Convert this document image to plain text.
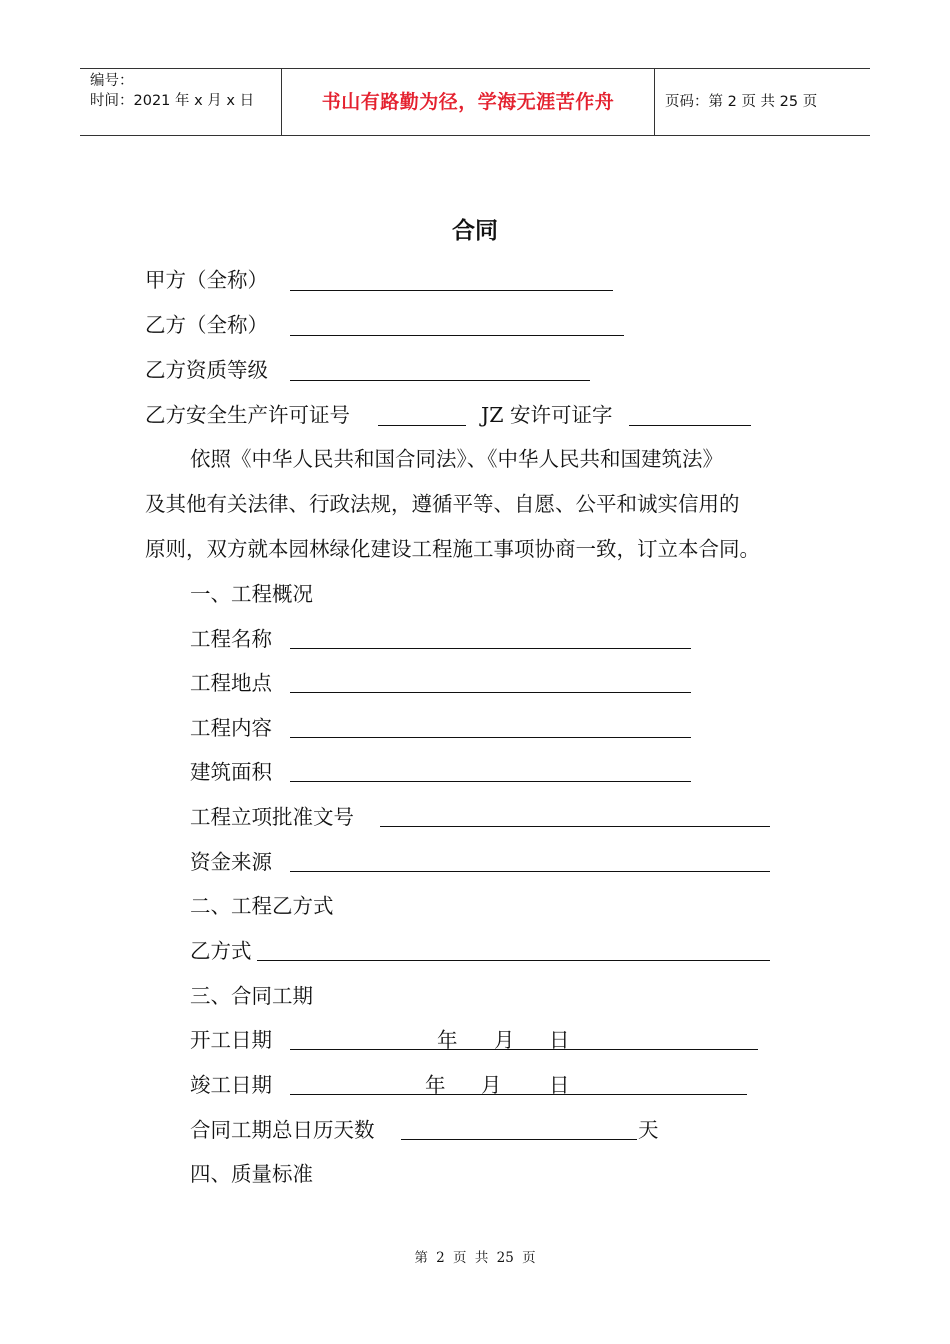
编号：
时间：2021 年 x 月 x 日	书山有路勤为径，学海无涯苦作舟	页码：第 2 页 共 25 页
合同
甲方（全称）
乙方（全称）
乙方资质等级
乙方安全生产许可证号	JZ 安许可证字
依照《中华人民共和国合同法》、《中华人民共和国建筑法》
及其他有关法律、行政法规，遵循平等、自愿、公平和诚实信用的
原则，双方就本园林绿化建设工程施工事项协商一致，订立本合同。
一、工程概况
工程名称
工程地点
工程内容
建筑面积
工程立项批准文号
资金来源
二、工程乙方式
乙方式
三、合同工期
开工日期	年 月 日
竣工日期	年 月 日
合同工期总日历天数	天
四、质量标准
第 2 页 共 25 页
